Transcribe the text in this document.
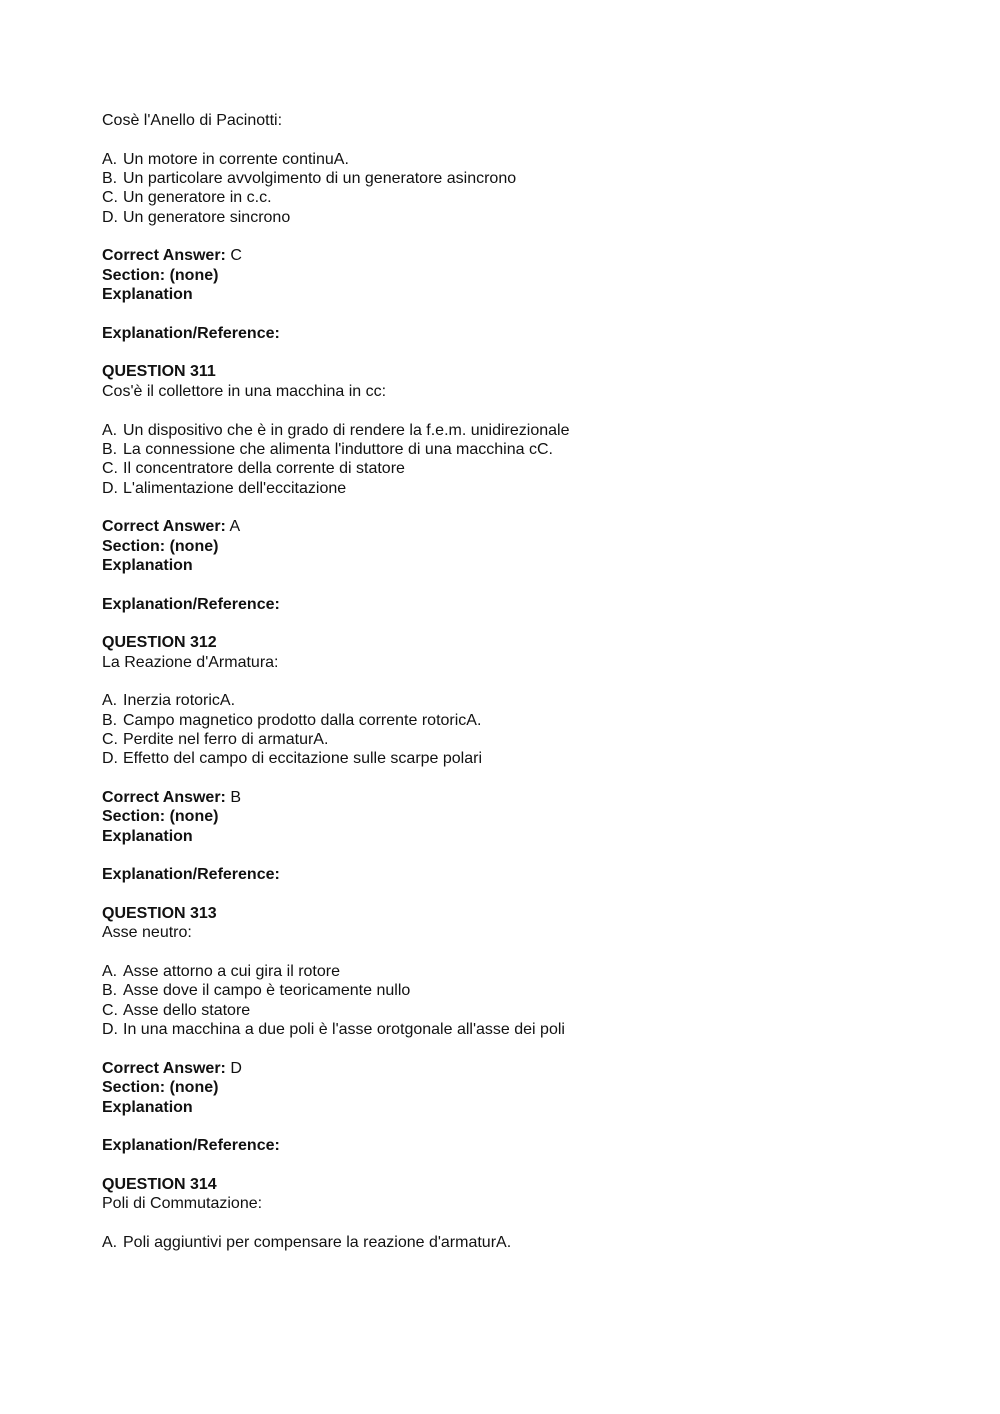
Cosè l'Anello di Pacinotti:
A. Un motore in corrente continuA.
B. Un particolare avvolgimento di un generatore asincrono
C. Un generatore in c.c.
D. Un generatore sincrono
Correct Answer: C
Section: (none)
Explanation
Explanation/Reference:
QUESTION 311
Cos'è il collettore in una macchina in cc:
A. Un dispositivo che è in grado di rendere la f.e.m. unidirezionale
B. La connessione che alimenta l'induttore di una macchina cC.
C. Il concentratore della corrente di statore
D. L'alimentazione dell'eccitazione
Correct Answer: A
Section: (none)
Explanation
Explanation/Reference:
QUESTION 312
La Reazione d'Armatura:
A. Inerzia rotoricA.
B. Campo magnetico prodotto dalla corrente rotoricA.
C. Perdite nel ferro di armaturA.
D. Effetto del campo di eccitazione sulle scarpe polari
Correct Answer: B
Section: (none)
Explanation
Explanation/Reference:
QUESTION 313
Asse neutro:
A. Asse attorno a cui gira il rotore
B. Asse dove il campo è teoricamente nullo
C. Asse dello statore
D. In una macchina a due poli è l'asse orotgonale all'asse dei poli
Correct Answer: D
Section: (none)
Explanation
Explanation/Reference:
QUESTION 314
Poli di Commutazione:
A. Poli aggiuntivi per compensare la reazione d'armaturA.
